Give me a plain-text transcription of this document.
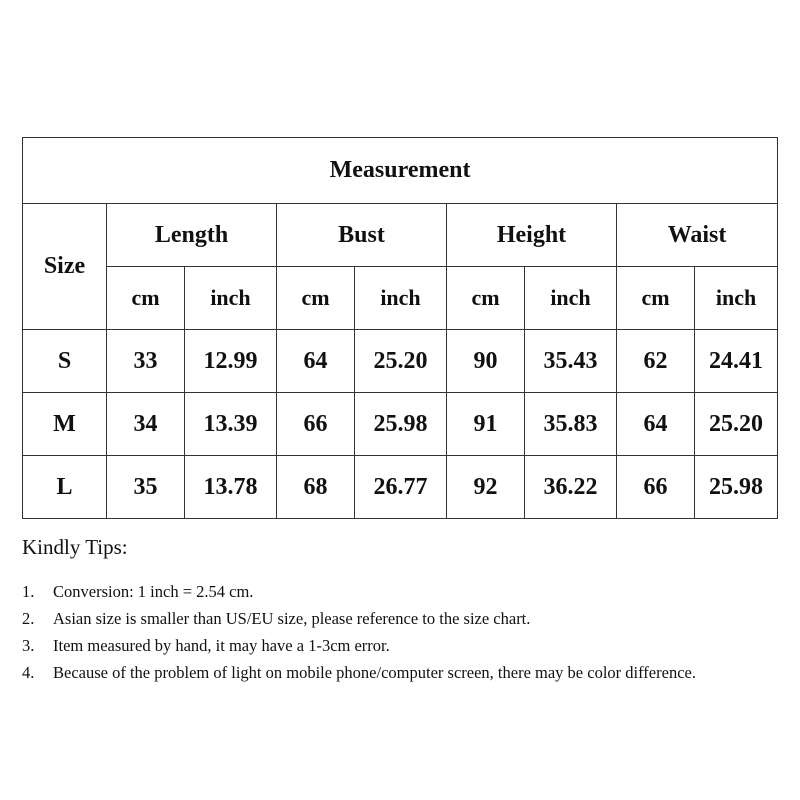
Measurement								
Size	Length		Bust		Height		Waist	
	cm	inch	cm	inch	cm	inch	cm	inch
S	33	12.99	64	25.20	90	35.43	62	24.41
M	34	13.39	66	25.98	91	35.83	64	25.20
L	35	13.78	68	26.77	92	36.22	66	25.98

Kindly Tips:

1.	Conversion: 1 inch = 2.54 cm.
2.	Asian size is smaller than US/EU size, please reference to the size chart.
3.	Item measured by hand, it may have a 1-3cm error.
4.	Because of the problem of light on mobile phone/computer screen, there may be color difference.
